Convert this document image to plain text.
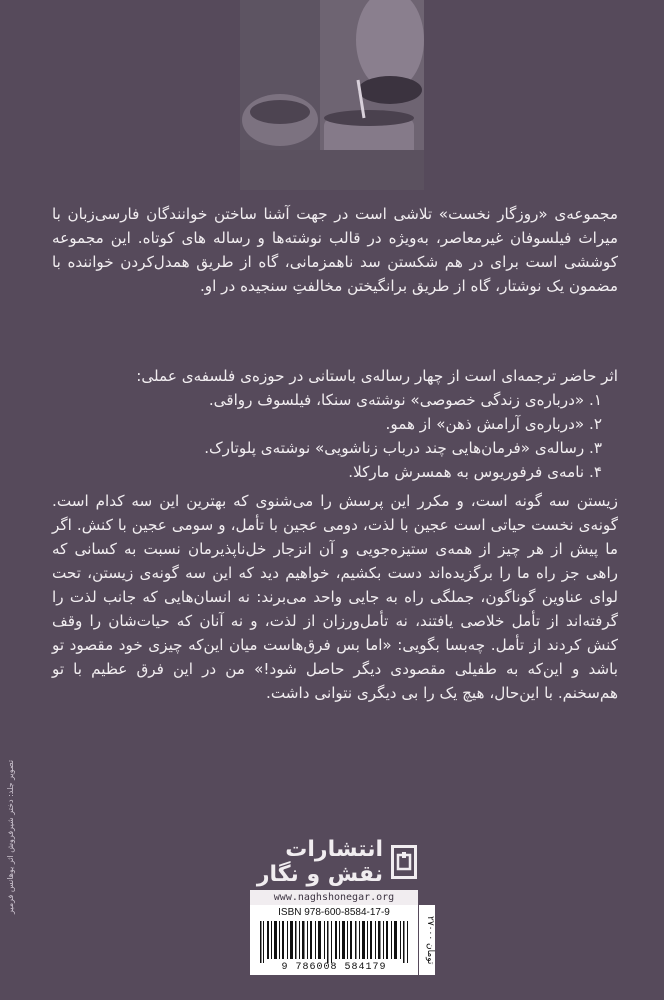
مجموعه‌ی «روزگار نخست» تلاشی است در جهت آشنا ساختن خوانندگان فارسی‌زبان با میراث فیلسوفان غیرمعاصر، به‌ویژه در قالب نوشته‌ها و رساله‌ های کوتاه. این مجموعه کوششی است برای در هم شکستن سد ناهمزمانی، گاه از طریق همدل‌کردن خواننده با مضمون یک نوشتار، گاه از طریق برانگیختن مخالفتِ سنجیده در او.
اثر حاضر ترجمه‌ای است از چهار رساله‌ی باستانی در حوزه‌ی فلسفه‌ی عملی:
۱. «درباره‌ی زندگی خصوصی» نوشته‌ی سنکا، فیلسوف رواقی.
۲. «درباره‌ی آرامش ذهن» از همو.
۳. رساله‌ی «فرمان‌هایی چند درباب زناشویی» نوشته‌ی پلوتارک.
۴. نامه‌ی فرفوریوس به همسرش مارکلا.
زیستن سه گونه است، و مکرر این پرسش را می‌شنوی که بهترین این سه کدام است. گونه‌ی نخست حیاتی است عجین با لذت، دومی عجین با تأمل، و سومی عجین با کنش. اگر ما پیش از هر چیز از همه‌ی ستیزه‌جویی و آن انزجار خل‌ناپذیرمان نسبت به کسانی که راهی جز راه ما را برگزیده‌اند دست بکشیم، خواهیم دید که این سه گونه‌ی زیستن، تحت لوای عناوین گوناگون، جملگی راه به جایی واحد می‌برند: نه انسان‌هایی که جانب لذت را گرفته‌اند از تأمل خلاصی یافتند، نه تأمل‌ورزان از لذت، و نه آنان که حیات‌شان را وقف کنش کردند از تأمل. چه‌بسا بگویی: «اما بس فرق‌هاست میان این‌که چیزی خود مقصود تو باشد و این‌که به طفیلی مقصودی دیگر حاصل شود!» من در این فرق عظیم با تو هم‌سخنم. با این‌حال، هیچ یک را بی دیگری نتوانی داشت.
تصویر جلد: دختر شیرفروش اثر یوهانس فرمیر	انتشارات نقش و نگار
www.naghshonegar.org
ISBN 978-600-8584-17-9
9 786008 584179
۲۷۰۰۰ تومان
